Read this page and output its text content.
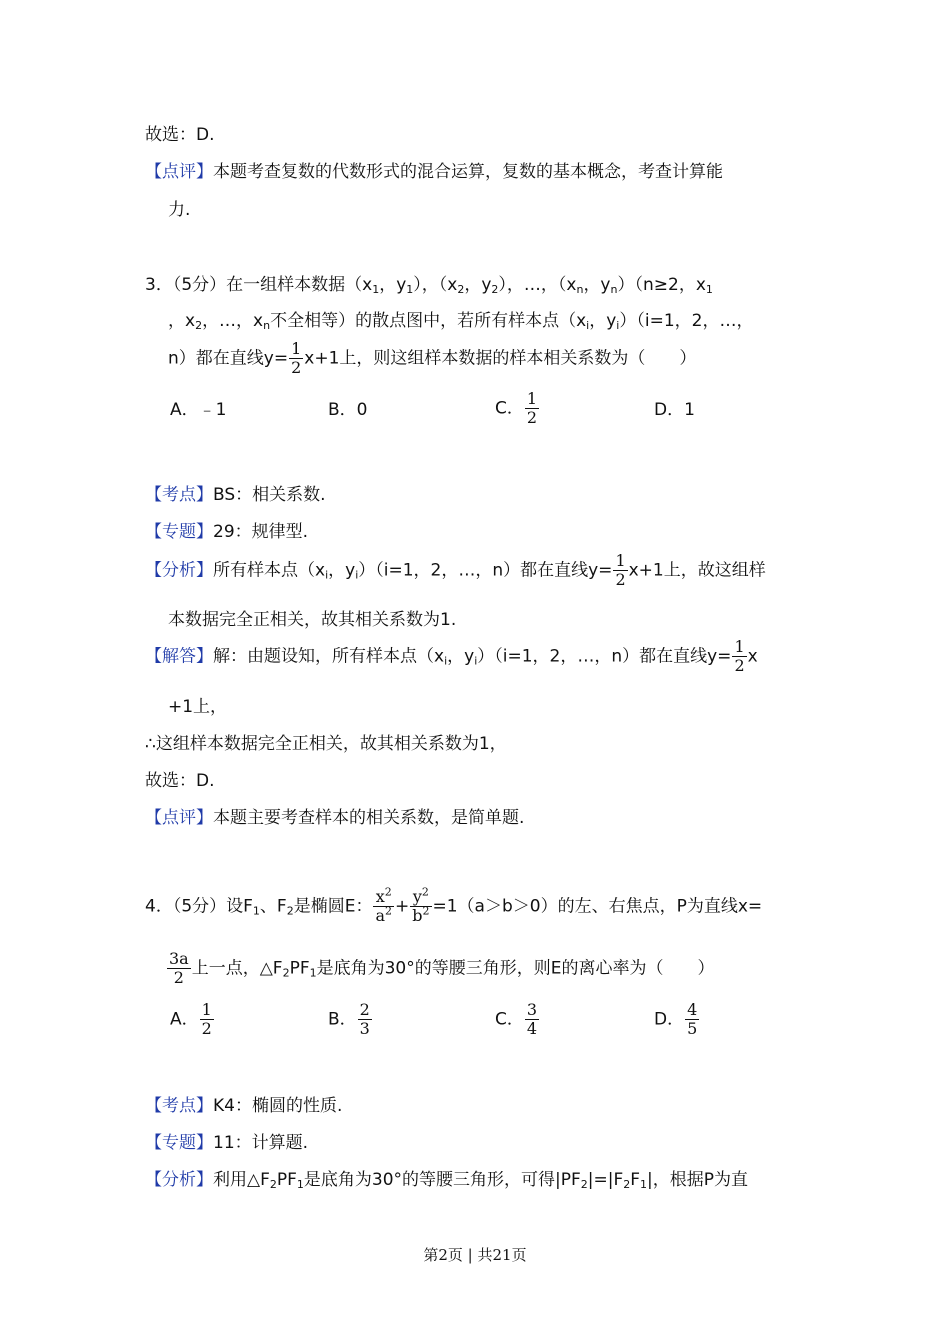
故选：D.
【点评】本题考查复数的代数形式的混合运算，复数的基本概念，考查计算能
力.
3．（5分）在一组样本数据（$x_1$，$y_1$），（$x_2$，$y_2$），…，（$x_n$，$y_n)(n\ge 2$，$x_1$
，$x_2$，…，$x_n$不全相等）的散点图中，若所有样本点（$x_i$，$y_i)(i=1$，2，…，
n）都在直线$y= \frac{1}{2} x+1$上，则这组样本数据的样本相关系数为（　　）
A．﹣1	B．0	C． $\frac{1}{2}$	D．1
【考点】BS：相关系数.
【专题】29：规律型.
【分析】所有样本点（$x_i$，$y_i)(i=1$，2，…，n）都在直线$y= \frac{1}{2} x+1$上，故这组样
本数据完全正相关，故其相关系数为1.
【解答】解：由题设知，所有样本点（$x_i$，$y_i)(i=1$，2，…，n）都在直线$y= \frac{1}{2}$ x
+1上，
∴这组样本数据完全正相关，故其相关系数为1，
故选：D.
【点评】本题主要考查样本的相关系数，是简单题.
4．（5分）设$F_1$、$F_2$是椭圆E： $\frac{x^2}{a^2} + \frac{y^2}{b^2} =1(a>b>0)$的左、右焦点，P为直线x=
$\frac{3a}{2}$ 上一点，$\triangle F_2PF_1$是底角为30°的等腰三角形，则E的离心率为（　　）
A． $\frac{1}{2}$	B． $\frac{2}{3}$	C． $\frac{3}{4}$	D． $\frac{4}{5}$
【考点】K4：椭圆的性质.
【专题】11：计算题.
【分析】利用$\triangle F_2PF_1$是底角为30°的等腰三角形，可得$|PF_2|=|F_2F_1|$，根据P为直
第2页 | 共21页
